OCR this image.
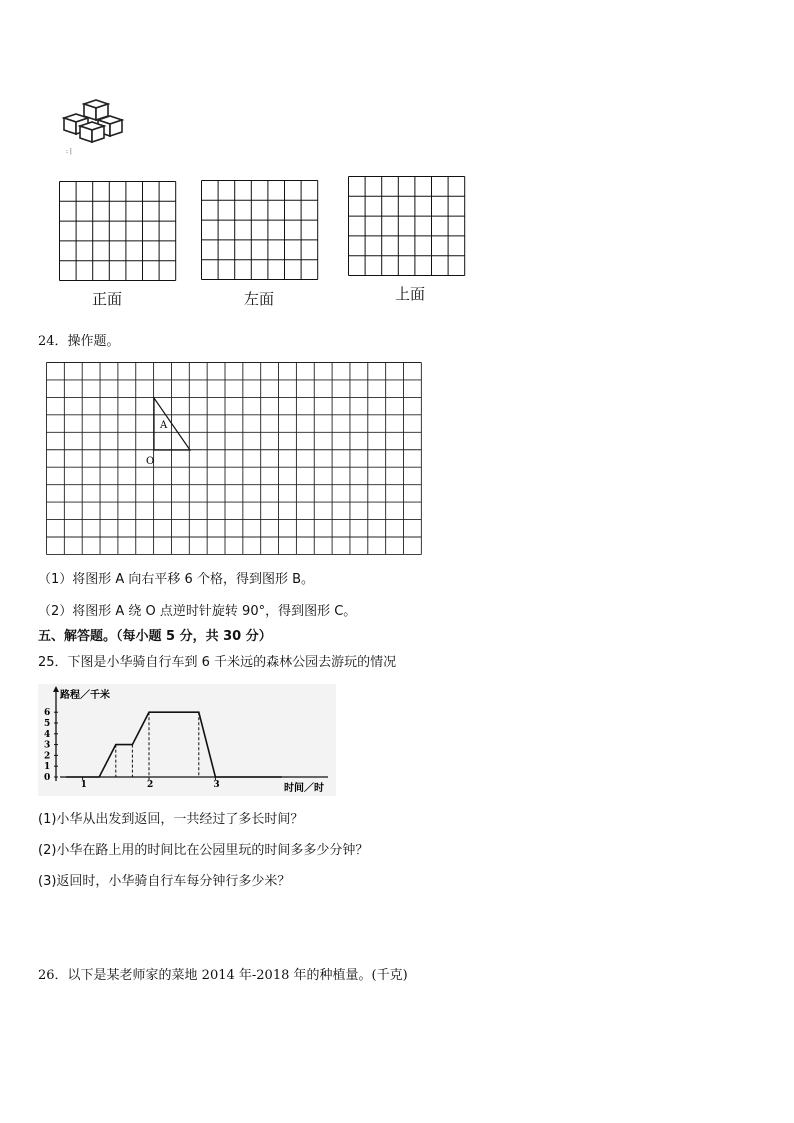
: |
正面	左面	上面
24．操作题。
A
O
（1）将图形 A 向右平移 6 个格，得到图形 B。
（2）将图形 A 绕 O 点逆时针旋转 90°，得到图形 C。
五、解答题。（每小题 5 分，共 30 分）
25．下图是小华骑自行车到 6 千米远的森林公园去游玩的情况
0
1
2
3
4
5
6
1	2	3
路程／千米
时间／时
(1)小华从出发到返回，一共经过了多长时间？
(2)小华在路上用的时间比在公园里玩的时间多多少分钟？
(3)返回时，小华骑自行车每分钟行多少米？
26．以下是某老师家的菜地 2014 年-2018 年的种植量。(千克)
